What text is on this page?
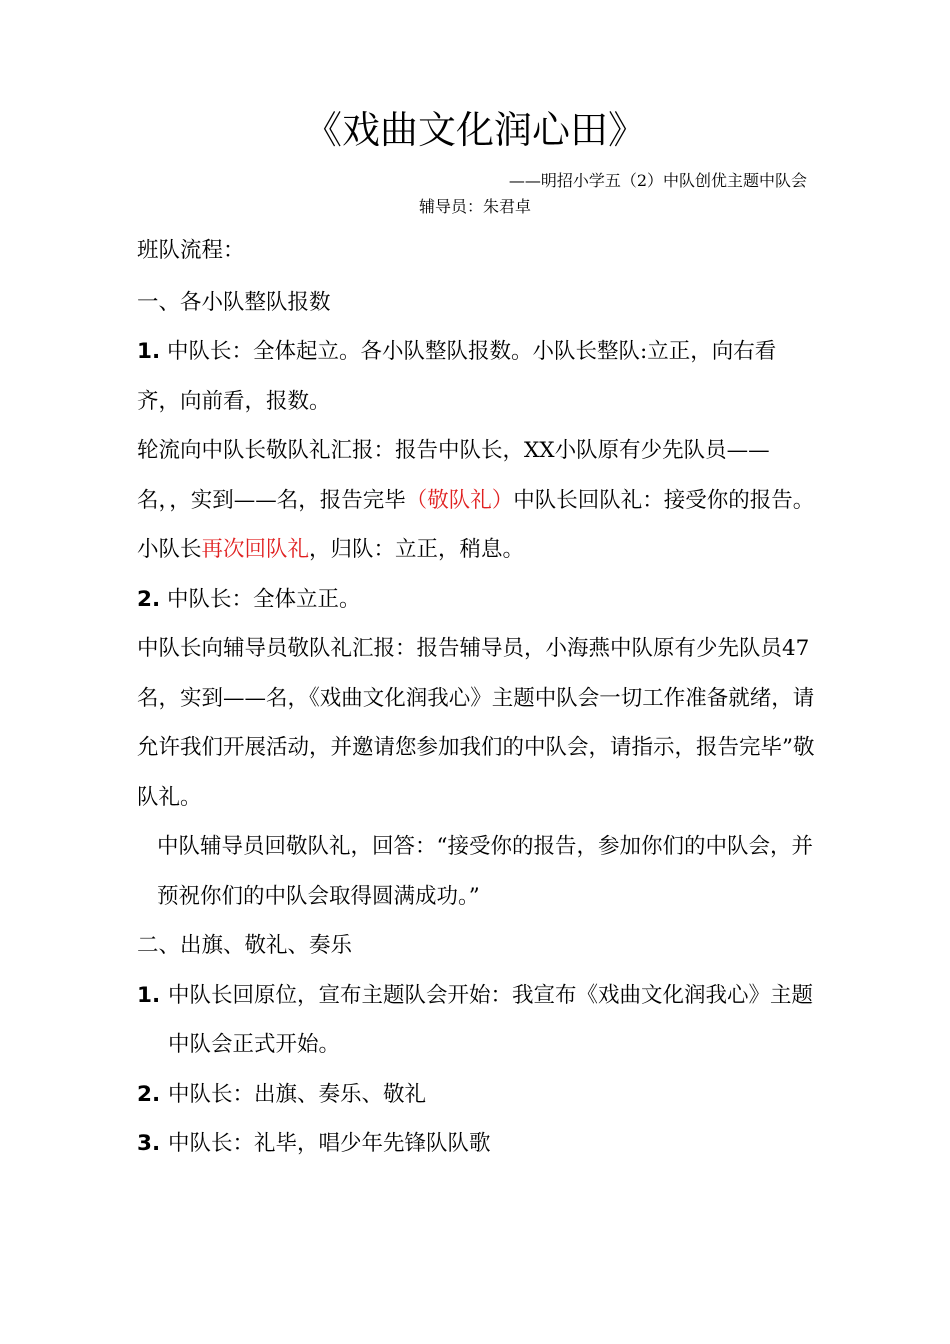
《戏曲文化润心田》
——明招小学五（2）中队创优主题中队会
辅导员：朱君卓

班队流程：

一、各小队整队报数

1. 中队长：全体起立。各小队整队报数。小队长整队:立正，向右看齐，向前看，报数。

轮流向中队长敬队礼汇报：报告中队长，XX小队原有少先队员——名，，实到——名，报告完毕（敬队礼）中队长回队礼：接受你的报告。

小队长再次回队礼，归队：立正，稍息。

2. 中队长：全体立正。

中队长向辅导员敬队礼汇报：报告辅导员，小海燕中队原有少先队员47名，实到——名，《戏曲文化润我心》主题中队会一切工作准备就绪，请允许我们开展活动，并邀请您参加我们的中队会，请指示，报告完毕”敬队礼。

中队辅导员回敬队礼，回答：“接受你的报告，参加你们的中队会，并预祝你们的中队会取得圆满成功。”

二、出旗、敬礼、奏乐

1. 中队长回原位，宣布主题队会开始：我宣布《戏曲文化润我心》主题中队会正式开始。
2. 中队长：出旗、奏乐、敬礼
3. 中队长：礼毕，唱少年先锋队队歌
